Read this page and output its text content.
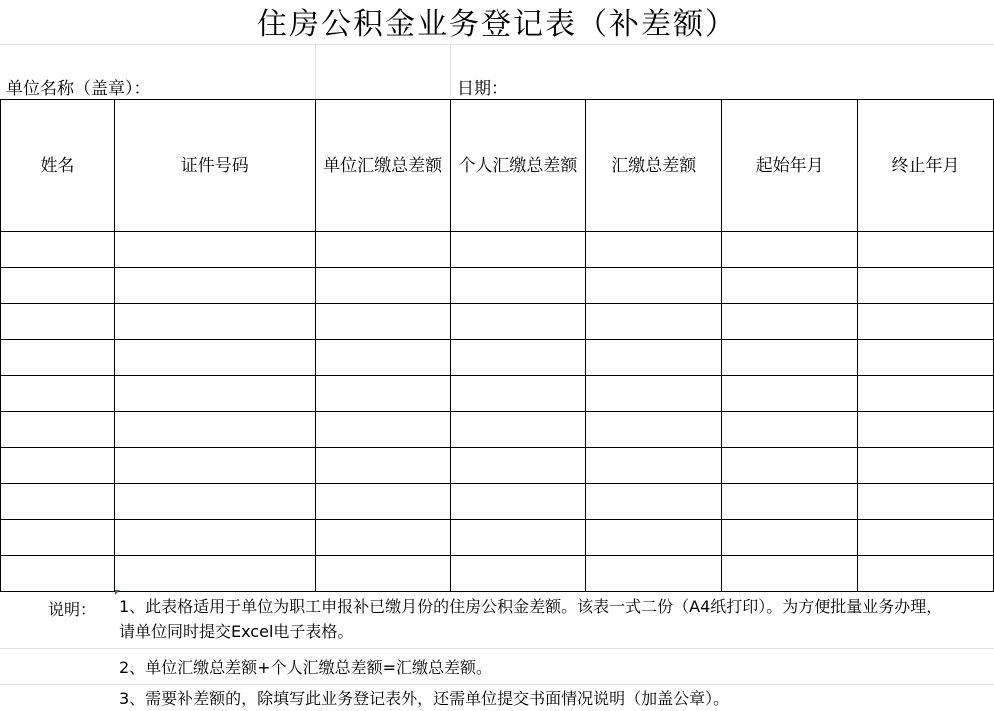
住房公积金业务登记表（补差额）
单位名称（盖章）：	日期：
姓名	证件号码	单位汇缴总差额	个人汇缴总差额	汇缴总差额	起始年月	终止年月

说明： 1、此表格适用于单位为职工申报补已缴月份的住房公积金差额。该表一式二份（A4纸打印）。为方便批量业务办理，请单位同时提交Excel电子表格。
2、单位汇缴总差额+个人汇缴总差额=汇缴总差额。
3、需要补差额的，除填写此业务登记表外，还需单位提交书面情况说明（加盖公章）。
